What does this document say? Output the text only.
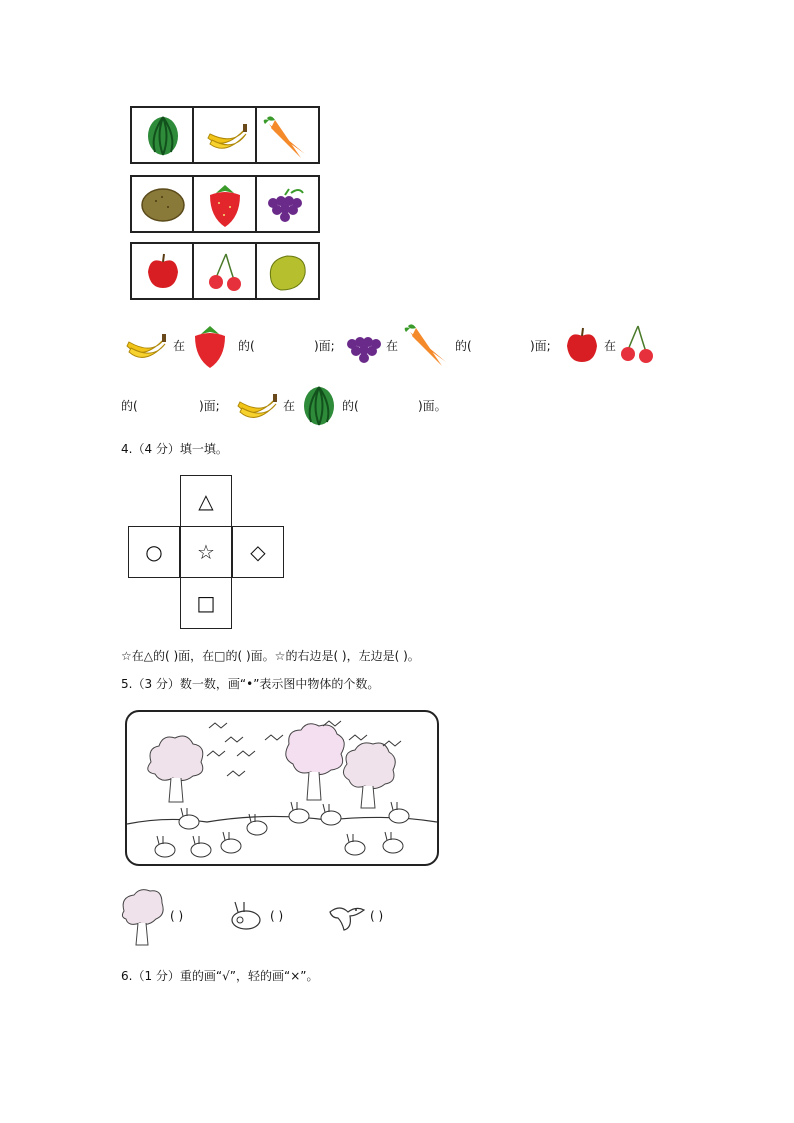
在	的(	)面;	在	的(	)面;	在
的(	)面;	在	的(	)面。
4.（4 分）填一填。
△
○	☆	◇
□
☆在△的( )面，在□的( )面。☆的右边是( )，左边是( )。
5.（3 分）数一数，画“•”表示图中物体的个数。
( )	( )	( )
6.（1 分）重的画“√”，轻的画“×”。
